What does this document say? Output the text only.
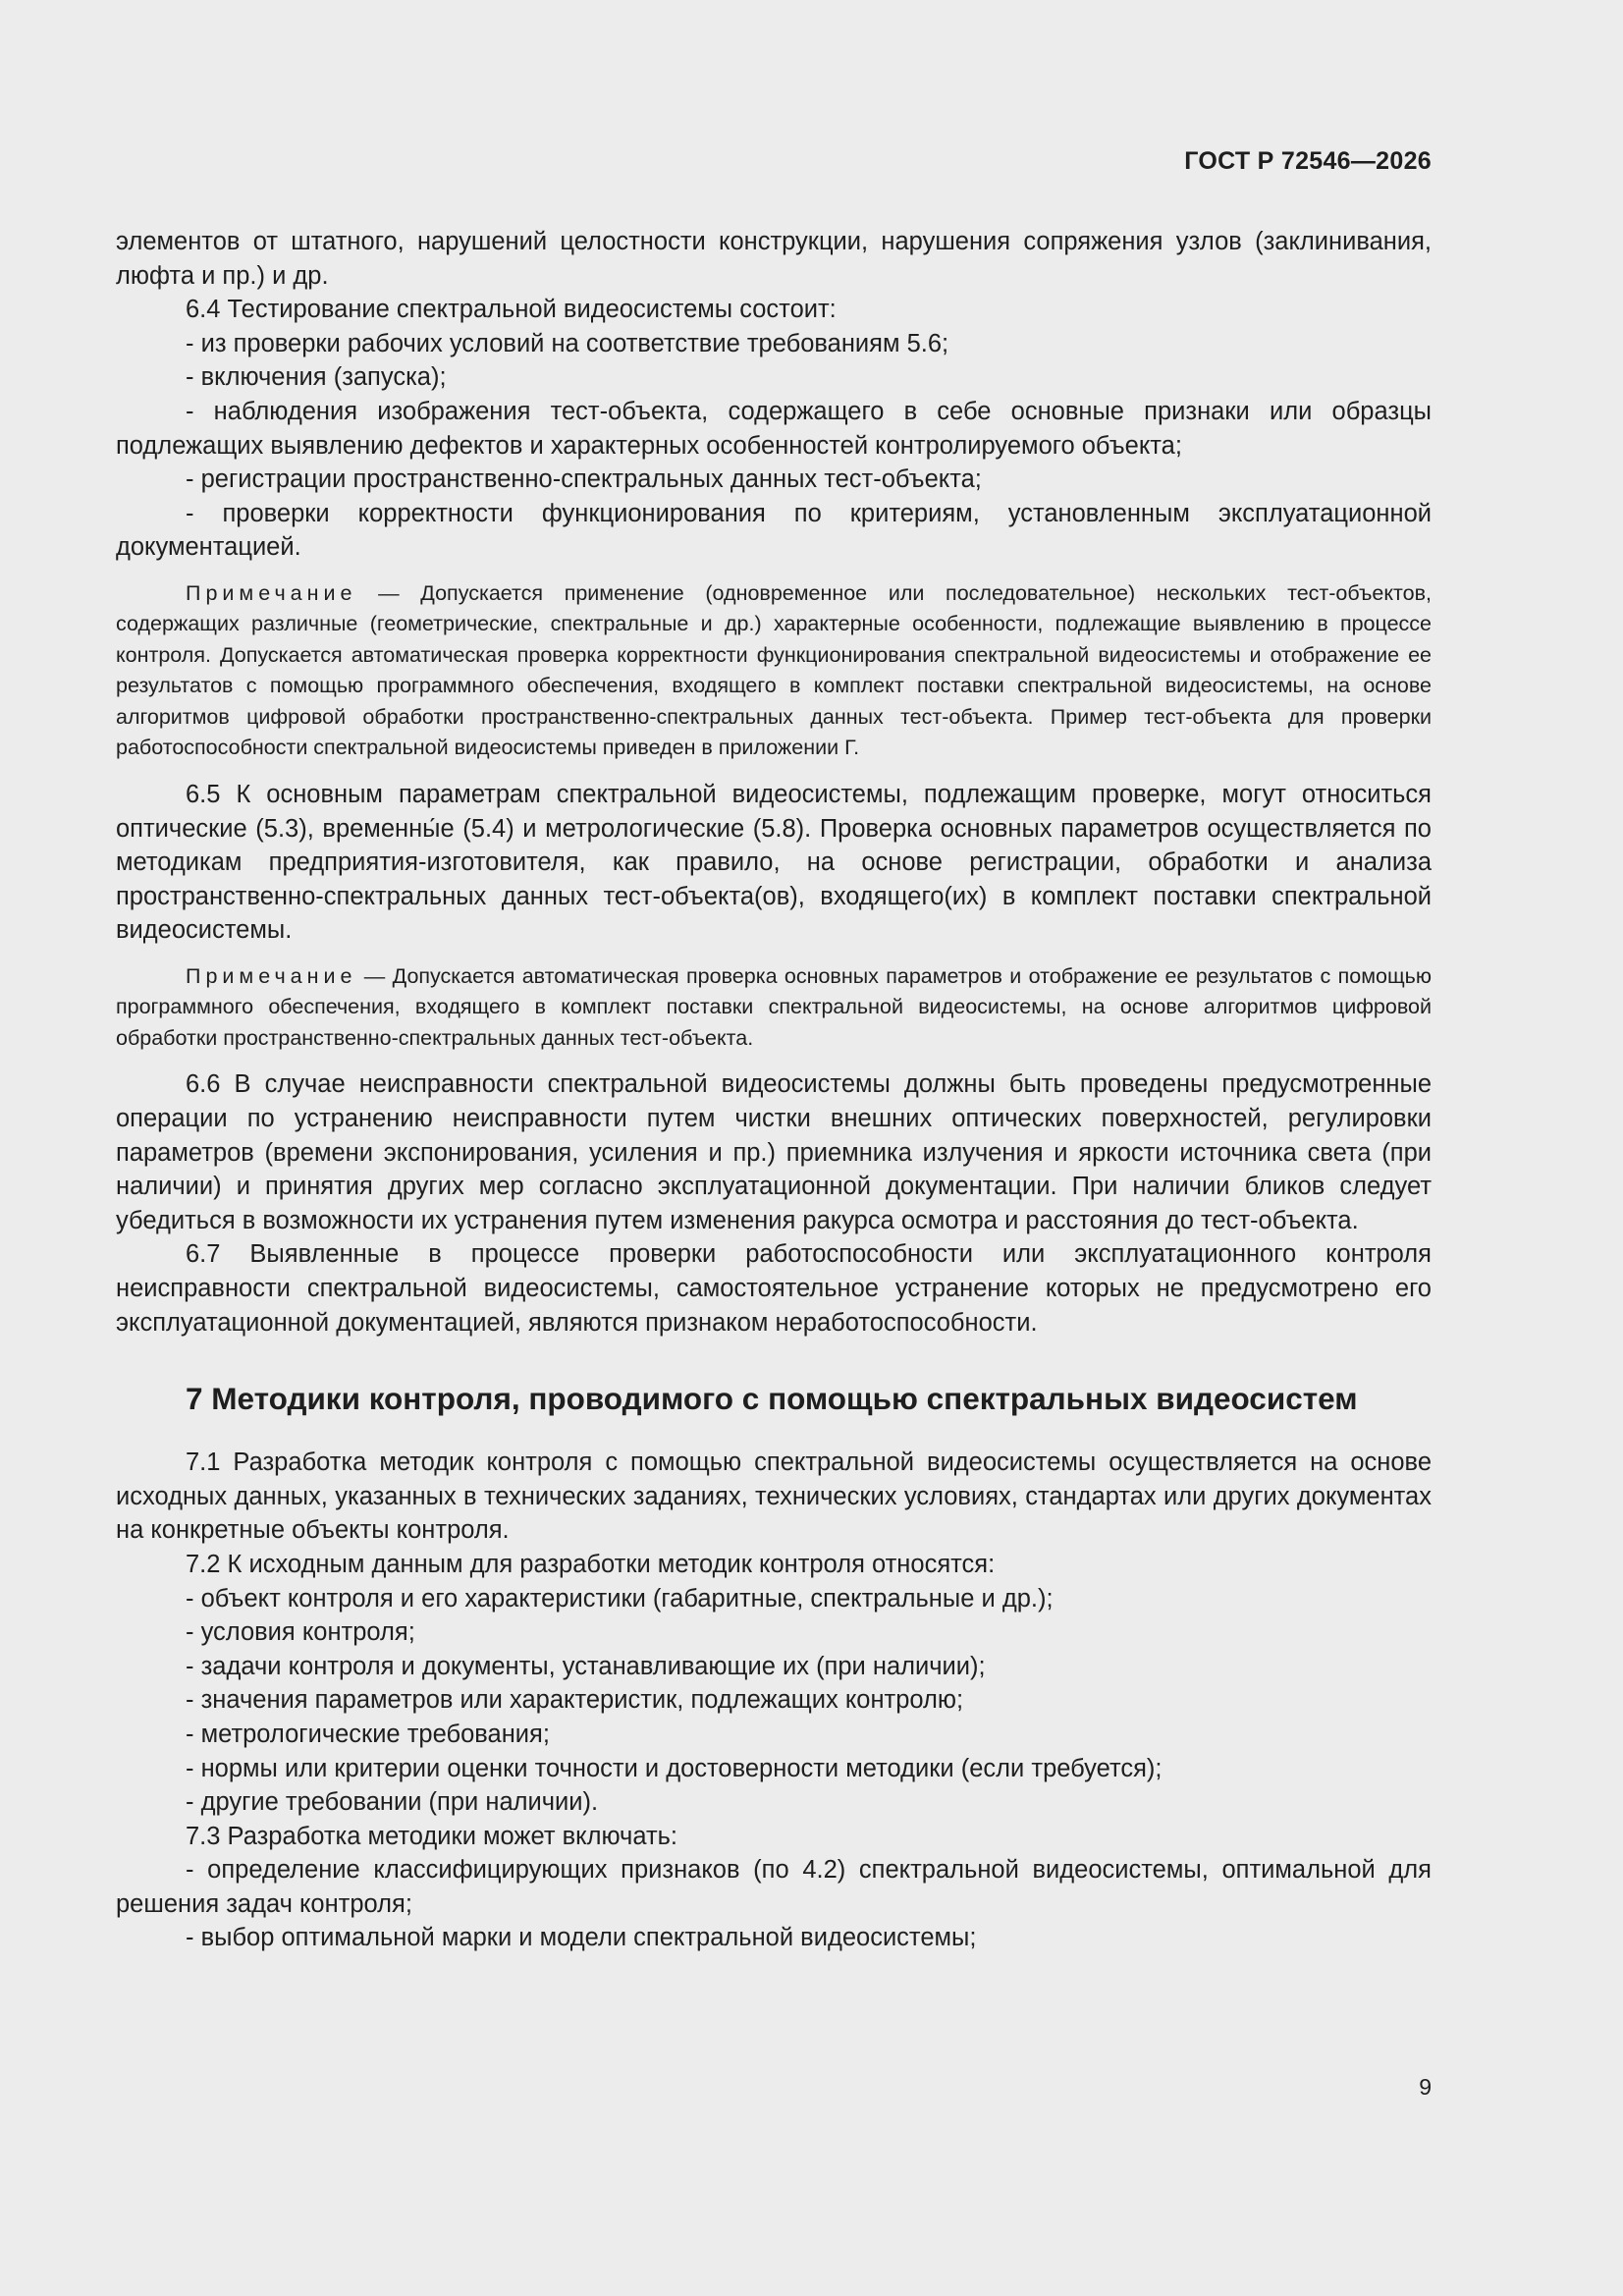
ГОСТ Р 72546—2026

элементов от штатного, нарушений целостности конструкции, нарушения сопряжения узлов (заклинивания, люфта и пр.) и др.

6.4 Тестирование спектральной видеосистемы состоит:

- из проверки рабочих условий на соответствие требованиям 5.6;

- включения (запуска);

- наблюдения изображения тест-объекта, содержащего в себе основные признаки или образцы подлежащих выявлению дефектов и характерных особенностей контролируемого объекта;

- регистрации пространственно-спектральных данных тест-объекта;

- проверки корректности функционирования по критериям, установленным эксплуатационной документацией.

Примечание — Допускается применение (одновременное или последовательное) нескольких тест-объектов, содержащих различные (геометрические, спектральные и др.) характерные особенности, подлежащие выявлению в процессе контроля. Допускается автоматическая проверка корректности функционирования спектральной видеосистемы и отображение ее результатов с помощью программного обеспечения, входящего в комплект поставки спектральной видеосистемы, на основе алгоритмов цифровой обработки пространственно-спектральных данных тест-объекта. Пример тест-объекта для проверки работоспособности спектральной видеосистемы приведен в приложении Г.

6.5 К основным параметрам спектральной видеосистемы, подлежащим проверке, могут относиться оптические (5.3), временны́е (5.4) и метрологические (5.8). Проверка основных параметров осуществляется по методикам предприятия-изготовителя, как правило, на основе регистрации, обработки и анализа пространственно-спектральных данных тест-объекта(ов), входящего(их) в комплект поставки спектральной видеосистемы.

Примечание — Допускается автоматическая проверка основных параметров и отображение ее результатов с помощью программного обеспечения, входящего в комплект поставки спектральной видеосистемы, на основе алгоритмов цифровой обработки пространственно-спектральных данных тест-объекта.

6.6 В случае неисправности спектральной видеосистемы должны быть проведены предусмотренные операции по устранению неисправности путем чистки внешних оптических поверхностей, регулировки параметров (времени экспонирования, усиления и пр.) приемника излучения и яркости источника света (при наличии) и принятия других мер согласно эксплуатационной документации. При наличии бликов следует убедиться в возможности их устранения путем изменения ракурса осмотра и расстояния до тест-объекта.

6.7 Выявленные в процессе проверки работоспособности или эксплуатационного контроля неисправности спектральной видеосистемы, самостоятельное устранение которых не предусмотрено его эксплуатационной документацией, являются признаком неработоспособности.

7 Методики контроля, проводимого с помощью спектральных видеосистем

7.1 Разработка методик контроля с помощью спектральной видеосистемы осуществляется на основе исходных данных, указанных в технических заданиях, технических условиях, стандартах или других документах на конкретные объекты контроля.

7.2 К исходным данным для разработки методик контроля относятся:

- объект контроля и его характеристики (габаритные, спектральные и др.);

- условия контроля;

- задачи контроля и документы, устанавливающие их (при наличии);

- значения параметров или характеристик, подлежащих контролю;

- метрологические требования;

- нормы или критерии оценки точности и достоверности методики (если требуется);

- другие требовании (при наличии).

7.3 Разработка методики может включать:

- определение классифицирующих признаков (по 4.2) спектральной видеосистемы, оптимальной для решения задач контроля;

- выбор оптимальной марки и модели спектральной видеосистемы;

9
